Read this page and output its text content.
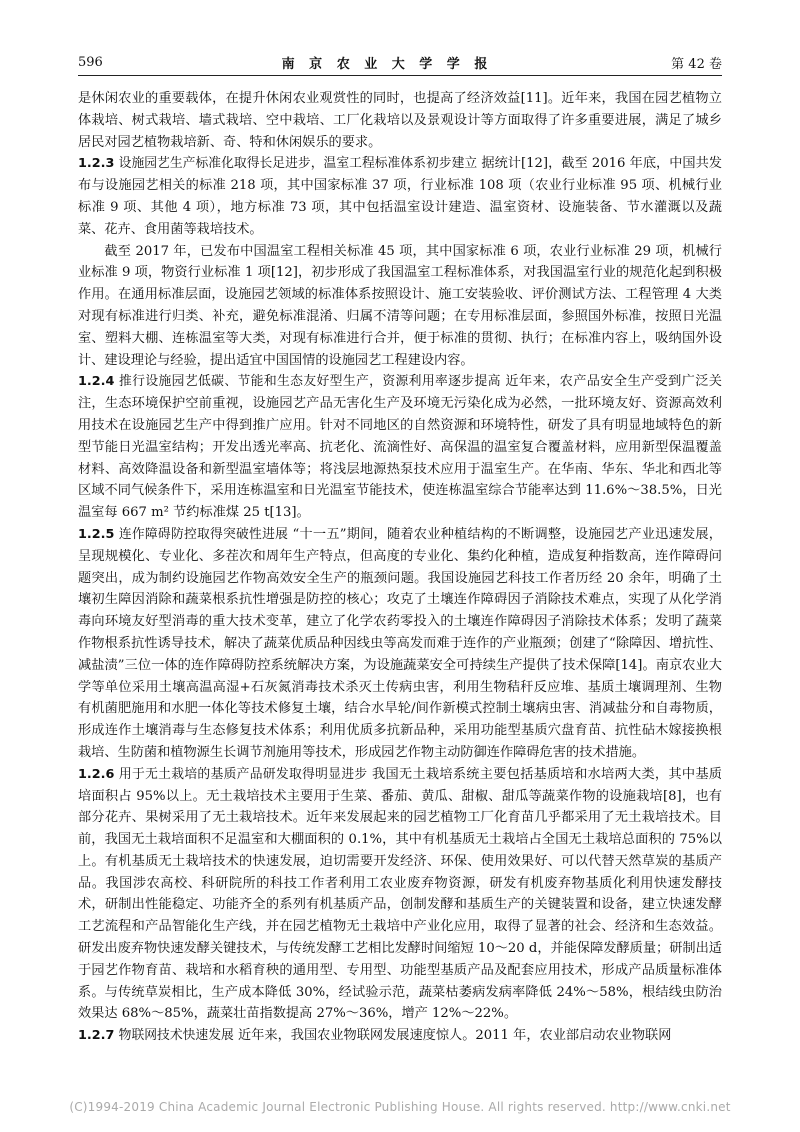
596	南 京 农 业 大 学 学 报	第 42 卷

是休闲农业的重要载体，在提升休闲农业观赏性的同时，也提高了经济效益[11]。近年来，我国在园艺植物立体栽培、树式栽培、墙式栽培、空中栽培、工厂化栽培以及景观设计等方面取得了许多重要进展，满足了城乡居民对园艺植物栽培新、奇、特和休闲娱乐的要求。

1.2.3 设施园艺生产标准化取得长足进步，温室工程标准体系初步建立 据统计[12]，截至 2016 年底，中国共发布与设施园艺相关的标准 218 项，其中国家标准 37 项，行业标准 108 项（农业行业标准 95 项、机械行业标准 9 项、其他 4 项），地方标准 73 项，其中包括温室设计建造、温室资材、设施装备、节水灌溉以及蔬菜、花卉、食用菌等栽培技术。

截至 2017 年，已发布中国温室工程相关标准 45 项，其中国家标准 6 项，农业行业标准 29 项，机械行业标准 9 项，物资行业标准 1 项[12]，初步形成了我国温室工程标准体系，对我国温室行业的规范化起到积极作用。在通用标准层面，设施园艺领域的标准体系按照设计、施工安装验收、评价测试方法、工程管理 4 大类对现有标准进行归类、补充，避免标准混淆、归属不清等问题；在专用标准层面，参照国外标准，按照日光温室、塑料大棚、连栋温室等大类，对现有标准进行合并，便于标准的贯彻、执行；在标准内容上，吸纳国外设计、建设理论与经验，提出适宜中国国情的设施园艺工程建设内容。

1.2.4 推行设施园艺低碳、节能和生态友好型生产，资源利用率逐步提高 近年来，农产品安全生产受到广泛关注，生态环境保护空前重视，设施园艺产品无害化生产及环境无污染化成为必然，一批环境友好、资源高效利用技术在设施园艺生产中得到推广应用。针对不同地区的自然资源和环境特性，研发了具有明显地域特色的新型节能日光温室结构；开发出透光率高、抗老化、流滴性好、高保温的温室复合覆盖材料，应用新型保温覆盖材料、高效降温设备和新型温室墙体等；将浅层地源热泵技术应用于温室生产。在华南、华东、华北和西北等区域不同气候条件下，采用连栋温室和日光温室节能技术，使连栋温室综合节能率达到 11.6%～38.5%，日光温室每 667 m² 节约标准煤 25 t[13]。

1.2.5 连作障碍防控取得突破性进展 “十一五”期间，随着农业种植结构的不断调整，设施园艺产业迅速发展，呈现规模化、专业化、多茬次和周年生产特点，但高度的专业化、集约化种植，造成复种指数高，连作障碍问题突出，成为制约设施园艺作物高效安全生产的瓶颈问题。我国设施园艺科技工作者历经 20 余年，明确了土壤初生障因消除和蔬菜根系抗性增强是防控的核心；攻克了土壤连作障碍因子消除技术难点，实现了从化学消毒向环境友好型消毒的重大技术变革，建立了化学农药零投入的土壤连作障碍因子消除技术体系；发明了蔬菜作物根系抗性诱导技术，解决了蔬菜优质品种因线虫等高发而难于连作的产业瓶颈；创建了“除障因、增抗性、减盐渍”三位一体的连作障碍防控系统解决方案，为设施蔬菜安全可持续生产提供了技术保障[14]。南京农业大学等单位采用土壤高温高湿+石灰氮消毒技术杀灭土传病虫害，利用生物秸秆反应堆、基质土壤调理剂、生物有机菌肥施用和水肥一体化等技术修复土壤，结合水旱轮/间作新模式控制土壤病虫害、消减盐分和自毒物质，形成连作土壤消毒与生态修复技术体系；利用优质多抗新品种，采用功能型基质穴盘育苗、抗性砧木嫁接换根栽培、生防菌和植物源生长调节剂施用等技术，形成园艺作物主动防御连作障碍危害的技术措施。

1.2.6 用于无土栽培的基质产品研发取得明显进步 我国无土栽培系统主要包括基质培和水培两大类，其中基质培面积占 95%以上。无土栽培技术主要用于生菜、番茄、黄瓜、甜椒、甜瓜等蔬菜作物的设施栽培[8]，也有部分花卉、果树采用了无土栽培技术。近年来发展起来的园艺植物工厂化育苗几乎都采用了无土栽培技术。目前，我国无土栽培面积不足温室和大棚面积的 0.1%，其中有机基质无土栽培占全国无土栽培总面积的 75%以上。有机基质无土栽培技术的快速发展，迫切需要开发经济、环保、使用效果好、可以代替天然草炭的基质产品。我国涉农高校、科研院所的科技工作者利用工农业废弃物资源，研发有机废弃物基质化利用快速发酵技术，研制出性能稳定、功能齐全的系列有机基质产品，创制发酵和基质生产的关键装置和设备，建立快速发酵工艺流程和产品智能化生产线，并在园艺植物无土栽培中产业化应用，取得了显著的社会、经济和生态效益。研发出废弃物快速发酵关键技术，与传统发酵工艺相比发酵时间缩短 10～20 d，并能保障发酵质量；研制出适于园艺作物育苗、栽培和水稻育秧的通用型、专用型、功能型基质产品及配套应用技术，形成产品质量标准体系。与传统草炭相比，生产成本降低 30%，经试验示范，蔬菜枯萎病发病率降低 24%～58%，根结线虫防治效果达 68%～85%，蔬菜壮苗指数提高 27%～36%，增产 12%～22%。

1.2.7 物联网技术快速发展 近年来，我国农业物联网发展速度惊人。2011 年，农业部启动农业物联网

(C)1994-2019 China Academic Journal Electronic Publishing House. All rights reserved. http://www.cnki.net
